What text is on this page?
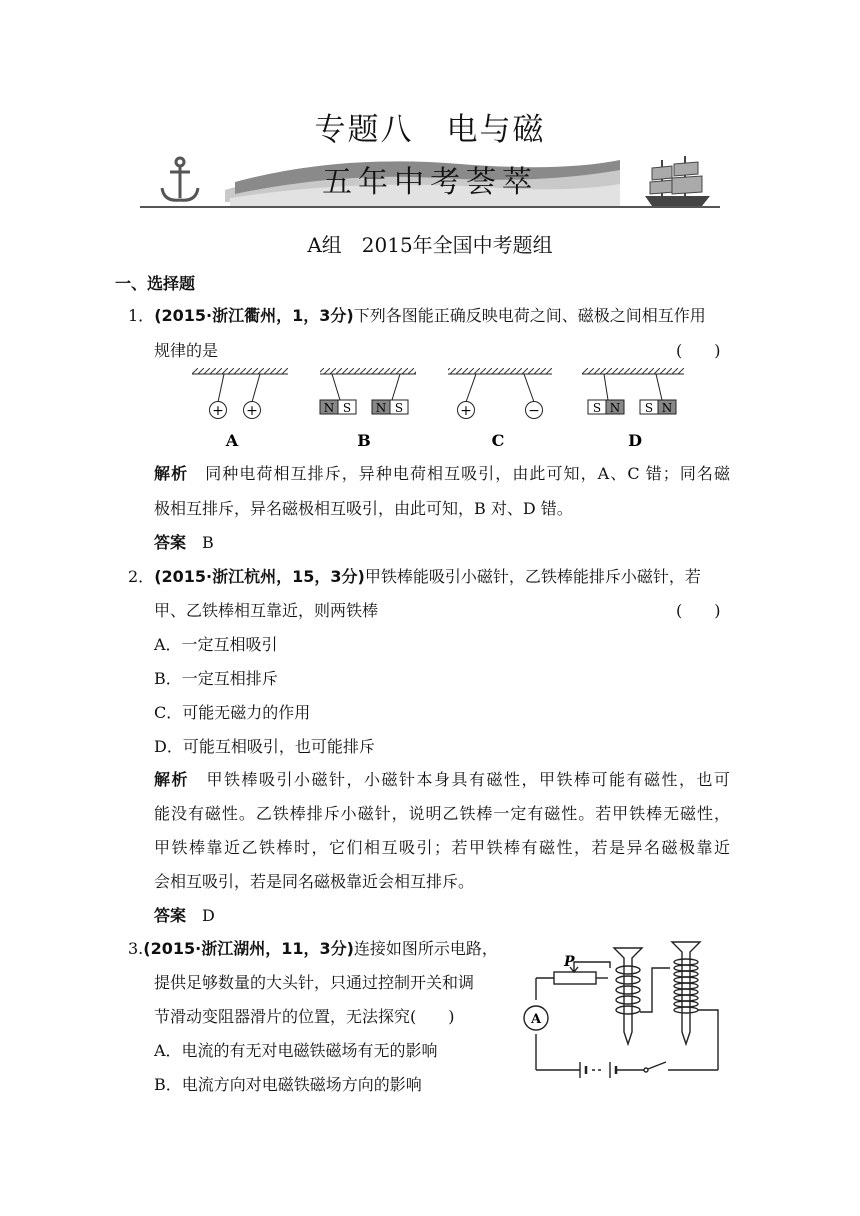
专题八　电与磁
五年中考荟萃
A组　2015年全国中考题组
一、选择题
1．(2015·浙江衢州，1，3分)下列各图能正确反映电荷之间、磁极之间相互作用
规律的是	(　　)
+ +
A
N S N S
B
+	−
C
S N S N
D
解析　 同种电荷相互排斥，异种电荷相互吸引，由此可知，A、C 错；同名磁
极相互排斥，异名磁极相互吸引，由此可知，B 对、D 错。
答案　 B
2．(2015·浙江杭州，15，3分)甲铁棒能吸引小磁针，乙铁棒能排斥小磁针，若
甲、乙铁棒相互靠近，则两铁棒	(　　)
A．一定互相吸引
B．一定互相排斥
C．可能无磁力的作用
D．可能互相吸引，也可能排斥
解析　 甲铁棒吸引小磁针，小磁针本身具有磁性，甲铁棒可能有磁性，也可
能没有磁性。乙铁棒排斥小磁针，说明乙铁棒一定有磁性。若甲铁棒无磁性，
甲铁棒靠近乙铁棒时，它们相互吸引；若甲铁棒有磁性，若是异名磁极靠近
会相互吸引，若是同名磁极靠近会相互排斥。
答案　 D
3.(2015·浙江湖州，11，3分)连接如图所示电路，
提供足够数量的大头针，只通过控制开关和调
节滑动变阻器滑片的位置，无法探究(　　)
A．电流的有无对电磁铁磁场有无的影响
B．电流方向对电磁铁磁场方向的影响
P
A
